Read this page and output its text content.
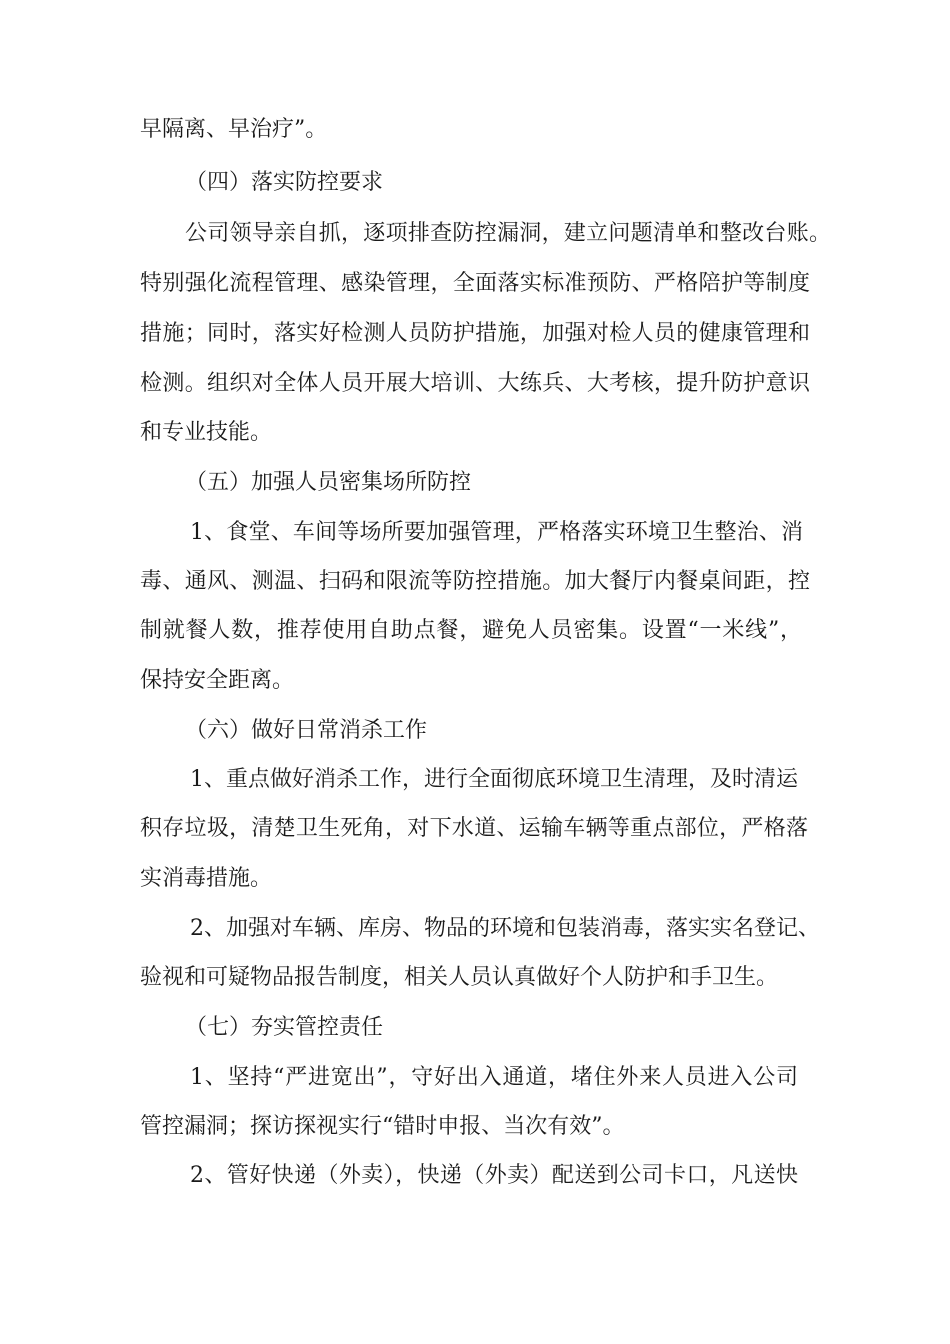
早隔离、早治疗”。
（四）落实防控要求
公司领导亲自抓，逐项排查防控漏洞，建立问题清单和整改台账。
特别强化流程管理、感染管理，全面落实标准预防、严格陪护等制度
措施；同时，落实好检测人员防护措施，加强对检人员的健康管理和
检测。组织对全体人员开展大培训、大练兵、大考核，提升防护意识
和专业技能。
（五）加强人员密集场所防控
1、食堂、车间等场所要加强管理，严格落实环境卫生整治、消
毒、通风、测温、扫码和限流等防控措施。加大餐厅内餐桌间距，控
制就餐人数，推荐使用自助点餐，避免人员密集。设置“一米线”，
保持安全距离。
（六）做好日常消杀工作
1、重点做好消杀工作，进行全面彻底环境卫生清理，及时清运
积存垃圾，清楚卫生死角，对下水道、运输车辆等重点部位，严格落
实消毒措施。
2、加强对车辆、库房、物品的环境和包装消毒，落实实名登记、
验视和可疑物品报告制度，相关人员认真做好个人防护和手卫生。
（七）夯实管控责任
1、坚持“严进宽出”，守好出入通道，堵住外来人员进入公司
管控漏洞；探访探视实行“错时申报、当次有效”。
2、管好快递（外卖），快递（外卖）配送到公司卡口，凡送快
